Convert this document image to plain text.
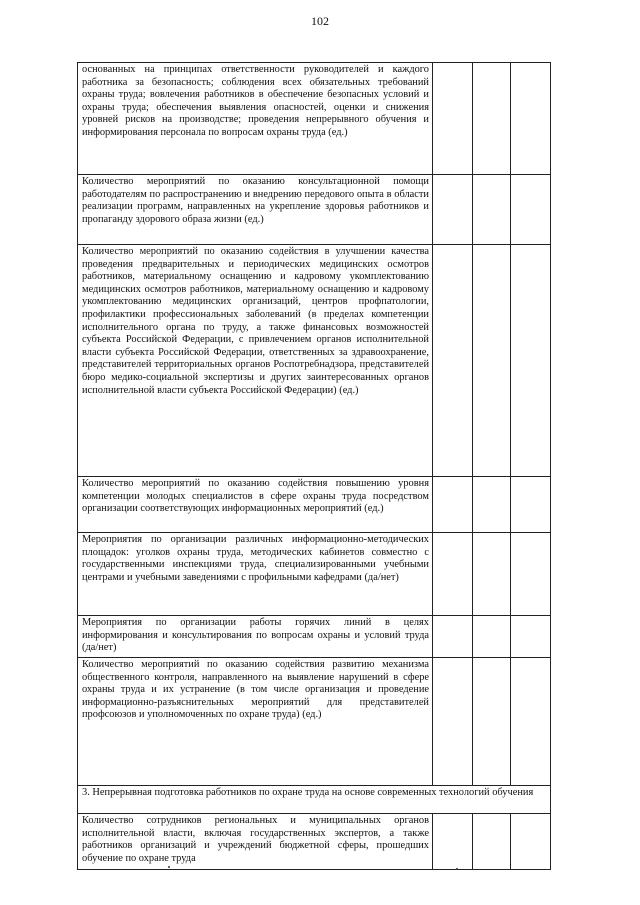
102
основанных на принципах ответственности руководителей и каждого работника за безопасность; соблюдения всех обязательных требований охраны труда; вовлечения работников в обеспечение безопасных условий и охраны труда; обеспечения выявления опасностей, оценки и снижения уровней рисков на производстве; проведения непрерывного обучения и информирования персонала по вопросам охраны труда (ед.)			
Количество мероприятий по оказанию консультационной помощи работодателям по распространению и внедрению передового опыта в области реализации программ, направленных на укрепление здоровья работников и пропаганду здорового образа жизни (ед.)			
Количество мероприятий по оказанию содействия в улучшении качества проведения предварительных и периодических медицинских осмотров работников, материальному оснащению и кадровому укомплектованию медицинских осмотров работников, материальному оснащению и кадровому укомплектованию медицинских организаций, центров профпатологии, профилактики профессиональных заболеваний (в пределах компетенции исполнительного органа по труду, а также финансовых возможностей субъекта Российской Федерации, с привлечением органов исполнительной власти субъекта Российской Федерации, ответственных за здравоохранение, представителей территориальных органов Роспотребнадзора, представителей бюро медико-социальной экспертизы и других заинтересованных органов исполнительной власти субъекта Российской Федерации) (ед.)			
Количество мероприятий по оказанию содействия повышению уровня компетенции молодых специалистов в сфере охраны труда посредством организации соответствующих информационных мероприятий (ед.)			
Мероприятия по организации различных информационно-методических площадок: уголков охраны труда, методических кабинетов совместно с государственными инспекциями труда, специализированными учебными центрами и учебными заведениями с профильными кафедрами (да/нет)			
Мероприятия по организации работы горячих линий в целях информирования и консультирования по вопросам охраны и условий труда (да/нет)			
Количество мероприятий по оказанию содействия развитию механизма общественного контроля, направленного на выявление нарушений в сфере охраны труда и их устранение (в том числе организация и проведение информационно-разъяснительных мероприятий для представителей профсоюзов и уполномоченных по охране труда) (ед.)			
3. Непрерывная подготовка работников по охране труда на основе современных технологий обучения			
Количество сотрудников региональных и муниципальных органов исполнительной власти, включая государственных экспертов, а также работников организаций и учреждений бюджетной сферы, прошедших обучение по охране труда			
